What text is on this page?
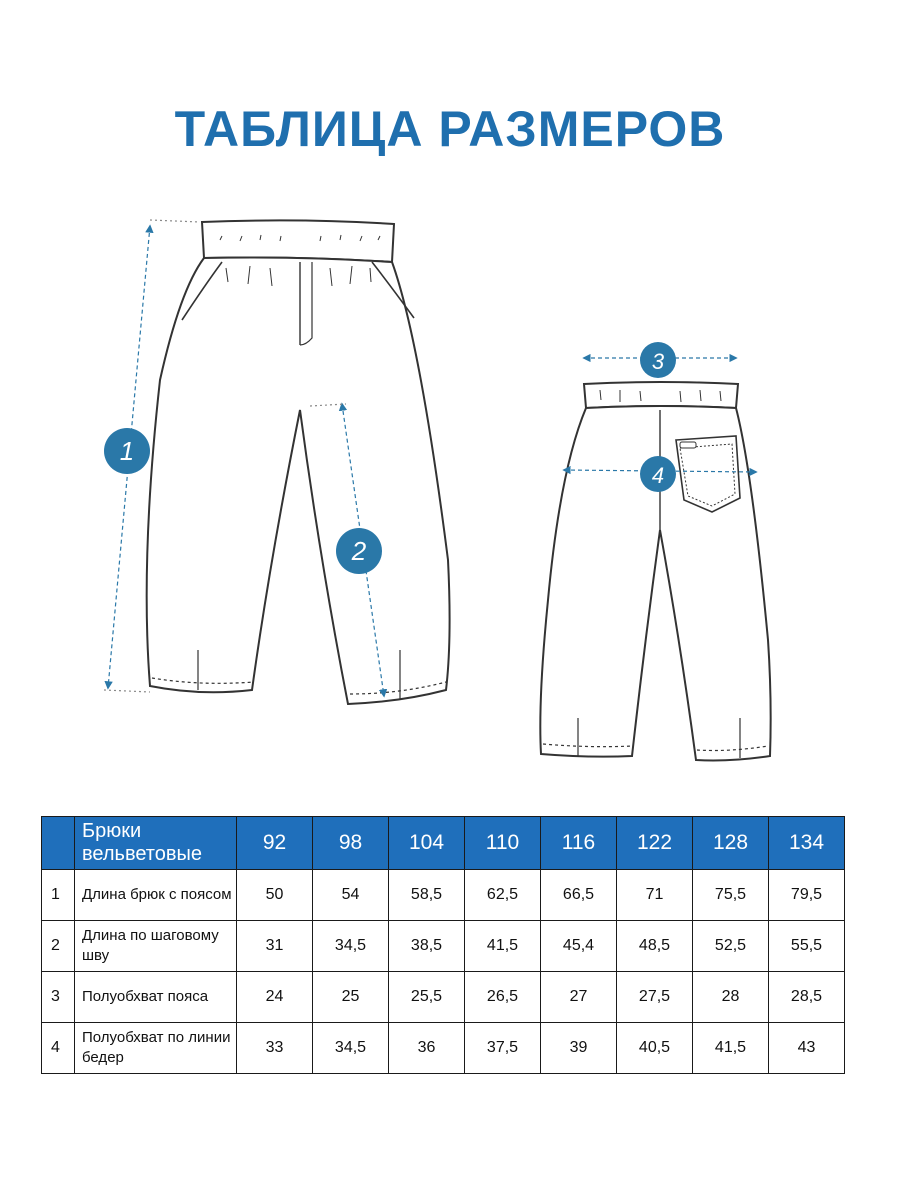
ТАБЛИЦА РАЗМЕРОВ
1
2
3
4
	Брюки вельветовые	92	98	104	110	116	122	128	134
1	Длина брюк с поясом	50	54	58,5	62,5	66,5	71	75,5	79,5
2	Длина по шаговому шву	31	34,5	38,5	41,5	45,4	48,5	52,5	55,5
3	Полуобхват пояса	24	25	25,5	26,5	27	27,5	28	28,5
4	Полуобхват по линии бедер	33	34,5	36	37,5	39	40,5	41,5	43
